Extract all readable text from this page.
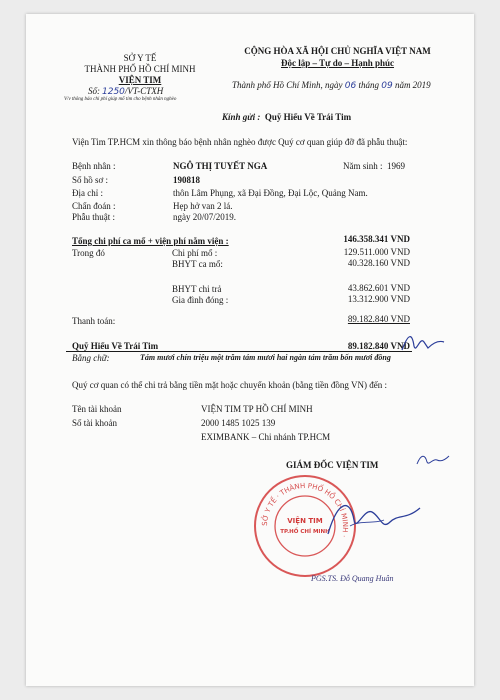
SỞ Y TẾ
THÀNH PHỐ HỒ CHÍ MINH
VIỆN TIM
Số: 1250/VT-CTXH
V/v thông báo chi phí giúp mổ tim cho bệnh nhân nghèo
CỘNG HÒA XÃ HỘI CHỦ NGHĨA VIỆT NAM
Độc lập – Tự do – Hạnh phúc
Thành phố Hồ Chí Minh, ngày 06 tháng 09 năm 2019
Kính gửi : Quỹ Hiểu Về Trái Tim
Viện Tim TP.HCM xin thông báo bệnh nhân nghèo được Quý cơ quan giúp đỡ đã phẫu thuật:
Bệnh nhân :	NGÔ THỊ TUYẾT NGA	Năm sinh : 1969
Số hồ sơ :	190818
Địa chỉ :	thôn Lâm Phụng, xã Đại Đồng, Đại Lộc, Quảng Nam.
Chẩn đoán :	Hẹp hở van 2 lá.
Phẫu thuật :	ngày 20/07/2019.
Tổng chi phí ca mổ + viện phí nằm viện :	146.358.341 VND
Trong đó	Chi phí mổ :	129.511.000 VND
BHYT ca mổ:	40.328.160 VND
BHYT chi trả	43.862.601 VND
Gia đình đóng :	13.312.900 VND
Thanh toán:	89.182.840 VND
Quỹ Hiểu Về Trái Tim	89.182.840 VND
Bằng chữ:	Tám mươi chín triệu một trăm tám mươi hai ngàn tám trăm bốn mươi đồng
Quý cơ quan có thể chi trả bằng tiền mặt hoặc chuyển khoản (bằng tiền đồng VN) đến :
Tên tài khoản	VIỆN TIM TP HỒ CHÍ MINH
Số tài khoản	2000 1485 1025 139
EXIMBANK – Chi nhánh TP.HCM
GIÁM ĐỐC VIỆN TIM
SỞ Y TẾ · THÀNH PHỐ HỒ CHÍ MINH ·
VIỆN TIM
TP.HỒ CHÍ MINH
PGS.TS. Đỗ Quang Huân
